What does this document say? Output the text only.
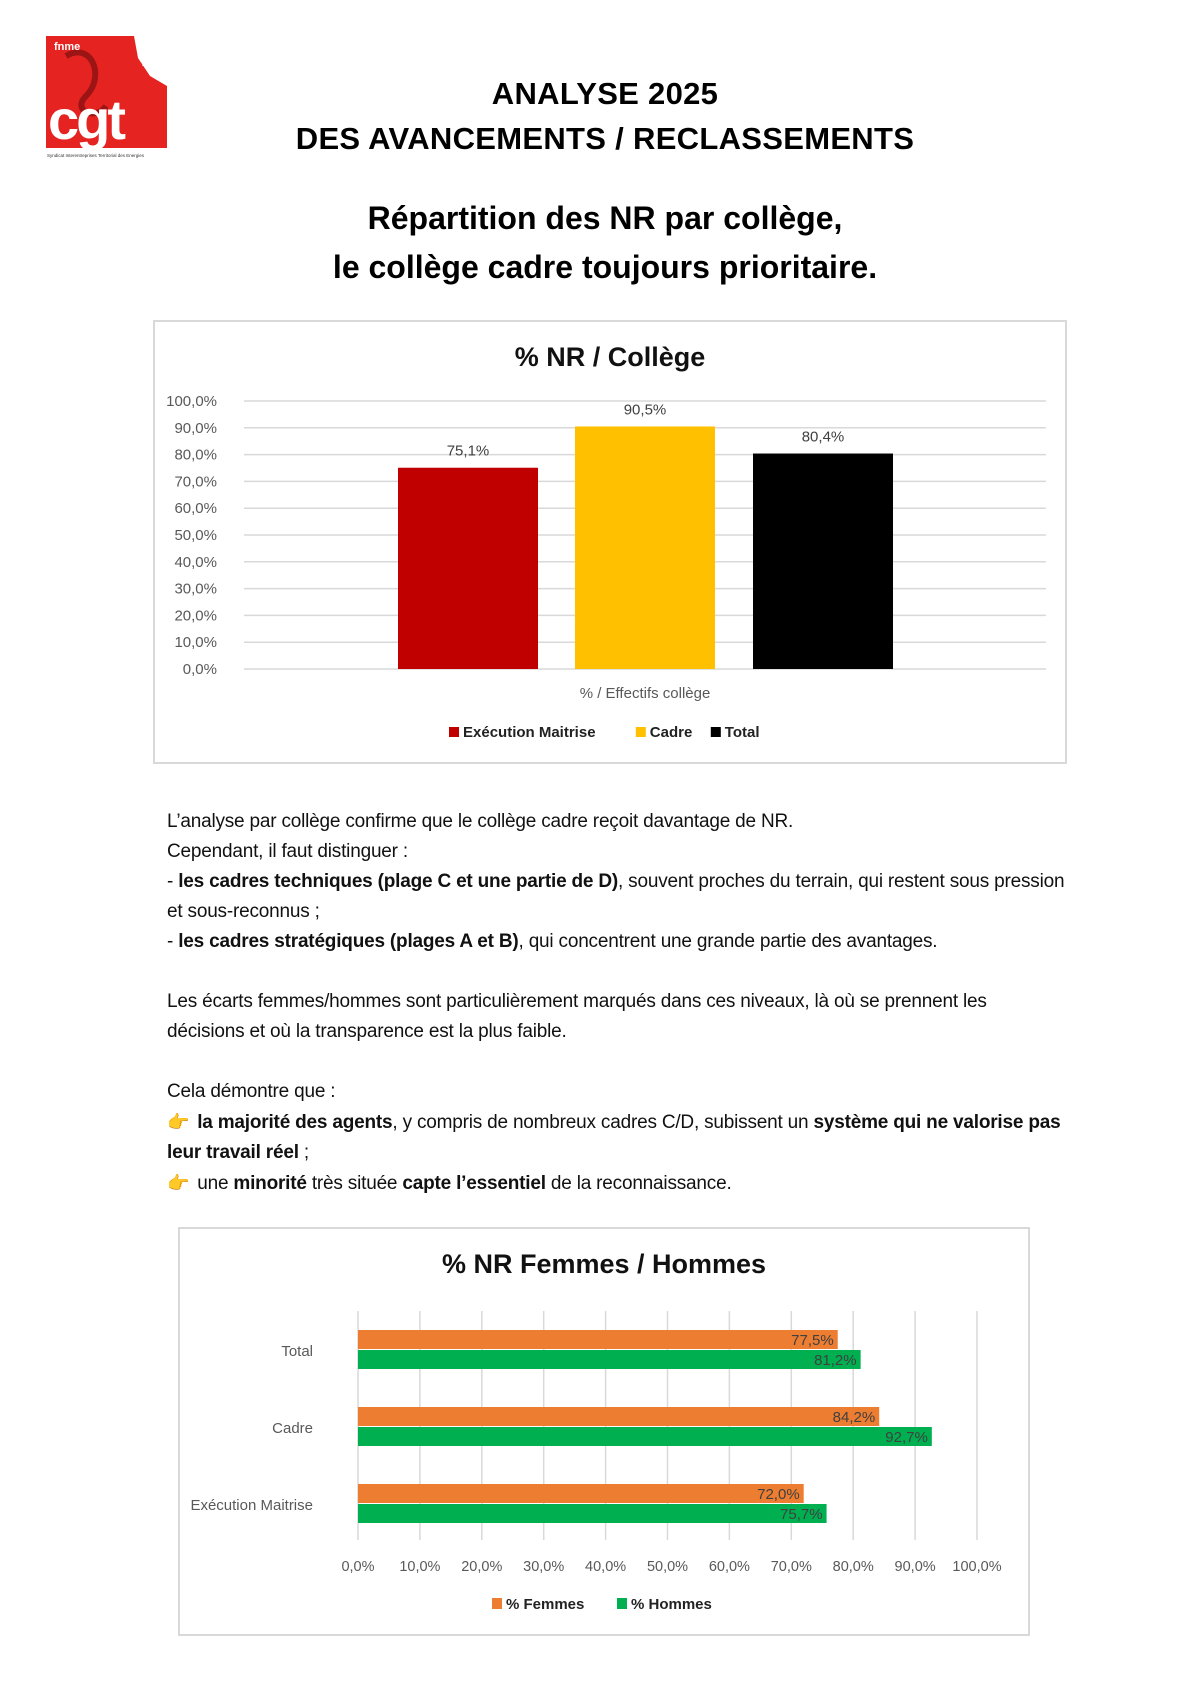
fnme
SITE 41
cgt
Syndicat Interentreprises Territorial des Energies
ANALYSE 2025
DES AVANCEMENTS / RECLASSEMENTS
Répartition des NR par collège,
le collège cadre toujours prioritaire.
% NR / Collège
0,0%
10,0%
20,0%
30,0%
40,0%
50,0%
60,0%
70,0%
80,0%
90,0%
100,0%
75,1%
90,5%
80,4%
% / Effectifs collège
Exécution Maitrise	Cadre Total

L’analyse par collège confirme que le collège cadre reçoit davantage de NR.

Cependant, il faut distinguer :

- les cadres techniques (plage C et une partie de D), souvent proches du terrain, qui restent sous pression et sous-reconnus ;

- les cadres stratégiques (plages A et B), qui concentrent une grande partie des avantages.

Les écarts femmes/hommes sont particulièrement marqués dans ces niveaux, là où se prennent les décisions et où la transparence est la plus faible.

Cela démontre que :

👉 la majorité des agents, y compris de nombreux cadres C/D, subissent un système qui ne valorise pas leur travail réel ;

👉 une minorité très située capte l’essentiel de la reconnaissance.

% NR Femmes / Hommes
0,0% 10,0% 20,0% 30,0% 40,0% 50,0% 60,0% 70,0% 80,0% 90,0% 100,0%
Total
77,5%
81,2%
Cadre
84,2%
92,7%
Exécution Maitrise
72,0%
75,7%
% Femmes	% Hommes
